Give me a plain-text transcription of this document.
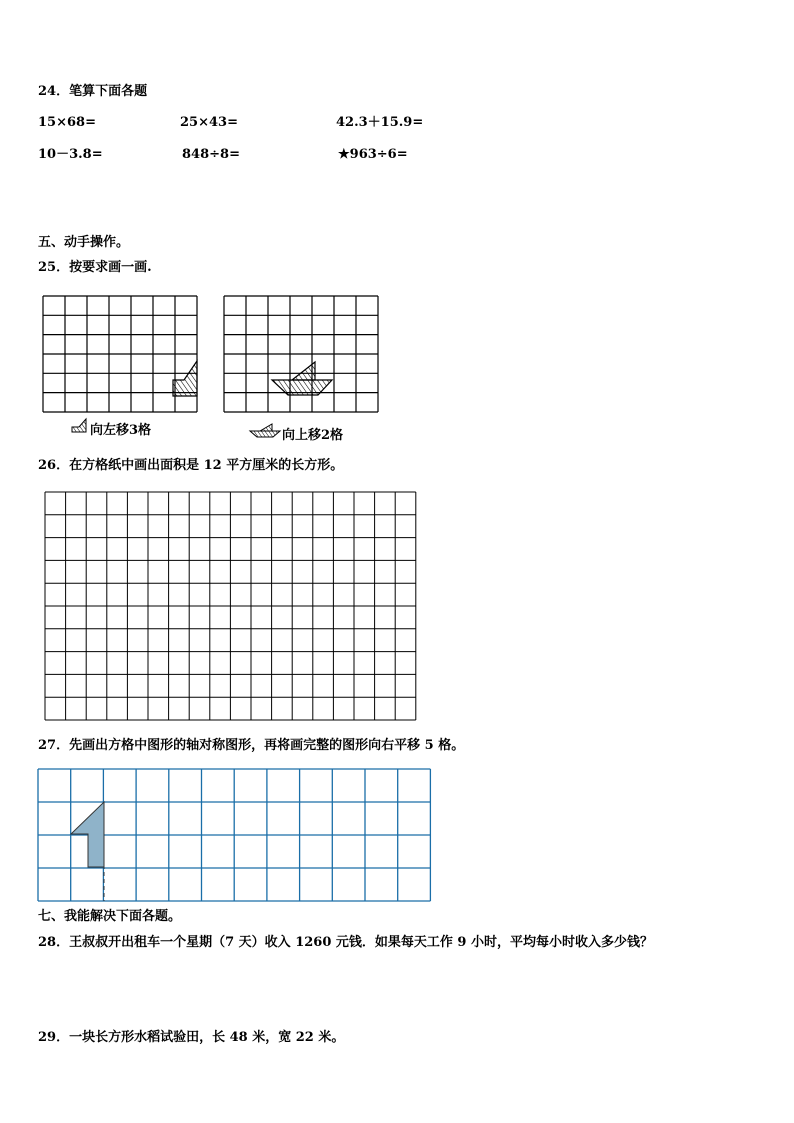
24．笔算下面各题
15×68=	25×43=	42.3＋15.9=
10－3.8=	848÷8=	★963÷6=
五、动手操作。
25．按要求画一画.
向左移3格	向上移2格
26．在方格纸中画出面积是 12 平方厘米的长方形。
27．先画出方格中图形的轴对称图形，再将画完整的图形向右平移 5 格。
七、我能解决下面各题。
28．王叔叔开出租车一个星期（7 天）收入 1260 元钱．如果每天工作 9 小时，平均每小时收入多少钱？
29．一块长方形水稻试验田，长 48 米，宽 22 米。
